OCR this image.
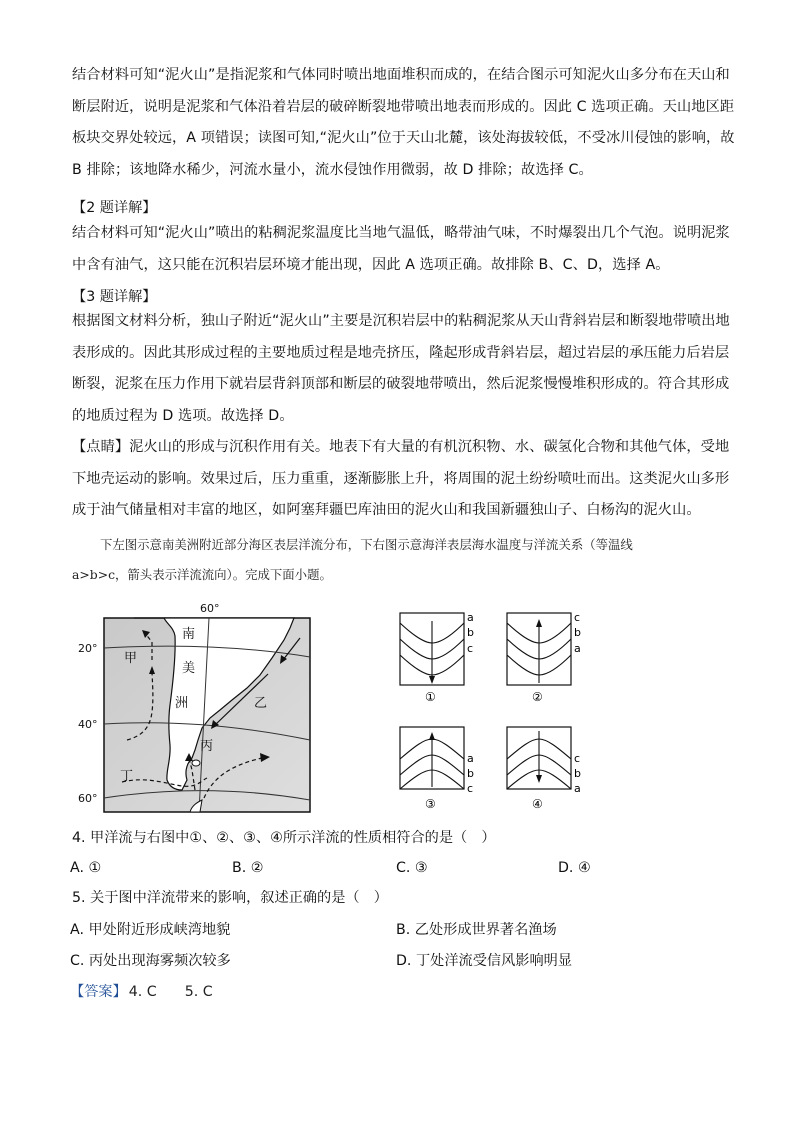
结合材料可知“泥火山”是指泥浆和气体同时喷出地面堆积而成的，在结合图示可知泥火山多分布在天山和
断层附近，说明是泥浆和气体沿着岩层的破碎断裂地带喷出地表而形成的。因此 C 选项正确。天山地区距
板块交界处较远，A 项错误；读图可知,“泥火山”位于天山北麓，该处海拔较低，不受冰川侵蚀的影响，故
B 排除；该地降水稀少，河流水量小，流水侵蚀作用微弱，故 D 排除；故选择 C。
【2 题详解】
结合材料可知“泥火山”喷出的粘稠泥浆温度比当地气温低，略带油气味，不时爆裂出几个气泡。说明泥浆
中含有油气，这只能在沉积岩层环境才能出现，因此 A 选项正确。故排除 B、C、D，选择 A。
【3 题详解】
根据图文材料分析，独山子附近“泥火山”主要是沉积岩层中的粘稠泥浆从天山背斜岩层和断裂地带喷出地
表形成的。因此其形成过程的主要地质过程是地壳挤压，隆起形成背斜岩层，超过岩层的承压能力后岩层
断裂，泥浆在压力作用下就岩层背斜顶部和断层的破裂地带喷出，然后泥浆慢慢堆积形成的。符合其形成
的地质过程为 D 选项。故选择 D。
【点睛】泥火山的形成与沉积作用有关。地表下有大量的有机沉积物、水、碳氢化合物和其他气体，受地
下地壳运动的影响。效果过后，压力重重，逐渐膨胀上升，将周围的泥土纷纷喷吐而出。这类泥火山多形
成于油气储量相对丰富的地区，如阿塞拜疆巴库油田的泥火山和我国新疆独山子、白杨沟的泥火山。
下左图示意南美洲附近部分海区表层洋流分布，下右图示意海洋表层海水温度与洋流关系（等温线
a>b>c，箭头表示洋流流向）。完成下面小题。
60°
20°
40°
60°
南
美
洲
甲
乙
丙
丁
a
b
c
①
c
b
a
②
a
b
c
③
c
b
a
④
4. 甲洋流与右图中①、②、③、④所示洋流的性质相符合的是（　）
A. ①	B. ②	C. ③	D. ④
5. 关于图中洋流带来的影响，叙述正确的是（　）
A. 甲处附近形成峡湾地貌	B. 乙处形成世界著名渔场
C. 丙处出现海雾频次较多	D. 丁处洋流受信风影响明显
【答案】 4. C 5. C
